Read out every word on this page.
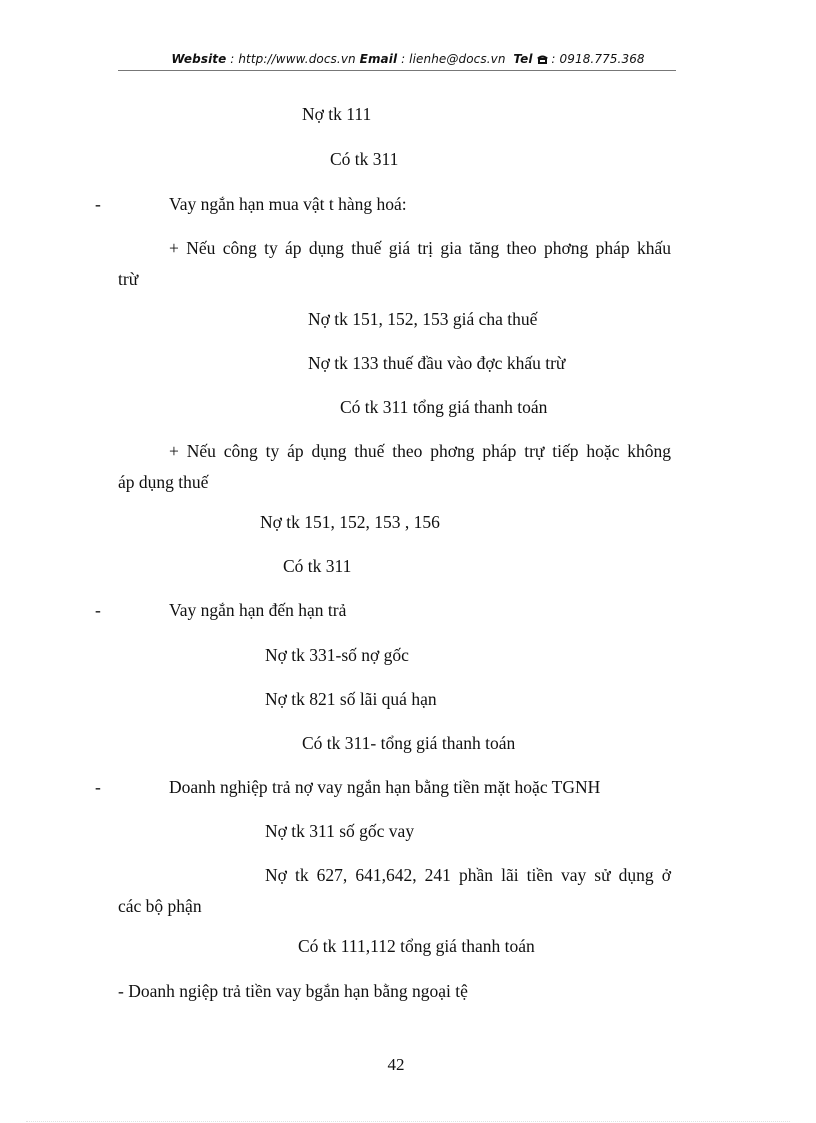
Website : http://www.docs.vn Email : lienhe@docs.vn Tel  : 0918.775.368
Nợ tk 111
Có tk 311
-	Vay ngắn hạn mua vật t hàng hoá:
+ Nếu công ty áp dụng thuế giá trị gia tăng theo phơng pháp khấu
trừ
Nợ tk 151, 152, 153 giá cha thuế
Nợ tk 133 thuế đầu vào đợc khấu trừ
Có tk 311 tổng giá thanh toán
+ Nếu công ty áp dụng thuế theo phơng pháp trự tiếp hoặc không
áp dụng thuế
Nợ tk 151, 152, 153 , 156
Có tk 311
-	Vay ngắn hạn đến hạn trả
Nợ tk 331-số nợ gốc
Nợ tk 821 số lãi quá hạn
Có tk 311- tổng giá thanh toán
-	Doanh nghiệp trả nợ vay ngắn hạn bằng tiền mặt hoặc TGNH
Nợ tk 311 số gốc vay
Nợ tk 627, 641,642, 241 phần lãi tiền vay sử dụng ở
các bộ phận
Có tk 111,112 tổng giá thanh toán
- Doanh ngiệp trả tiền vay bgắn hạn bằng ngoại tệ
42
